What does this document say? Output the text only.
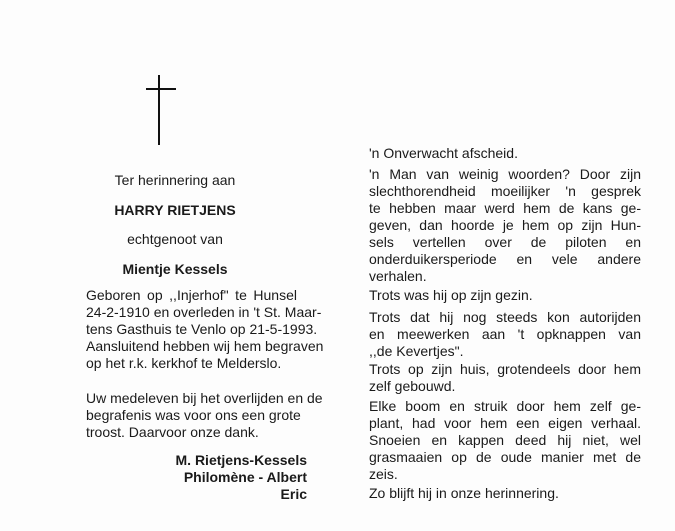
Ter herinnering aan
HARRY RIETJENS
echtgenoot van
Mientje Kessels
Geboren op ,,Injerhof" te Hunsel
24-2-1910 en overleden in 't St. Maar-
tens Gasthuis te Venlo op 21-5-1993.
Aansluitend hebben wij hem begraven
op het r.k. kerkhof te Melderslo.
Uw medeleven bij het overlijden en de
begrafenis was voor ons een grote
troost. Daarvoor onze dank.
M. Rietjens-Kessels
Philomène - Albert
Eric
'n Onverwacht afscheid.
'n Man van weinig woorden? Door zijn
slechthorendheid moeilijker 'n gesprek
te hebben maar werd hem de kans ge-
geven, dan hoorde je hem op zijn Hun-
sels vertellen over de piloten en
onderduikersperiode en vele andere
verhalen.
Trots was hij op zijn gezin.
Trots dat hij nog steeds kon autorijden
en meewerken aan 't opknappen van
,,de Kevertjes".
Trots op zijn huis, grotendeels door hem
zelf gebouwd.
Elke boom en struik door hem zelf ge-
plant, had voor hem een eigen verhaal.
Snoeien en kappen deed hij niet, wel
grasmaaien op de oude manier met de
zeis.
Zo blijft hij in onze herinnering.
